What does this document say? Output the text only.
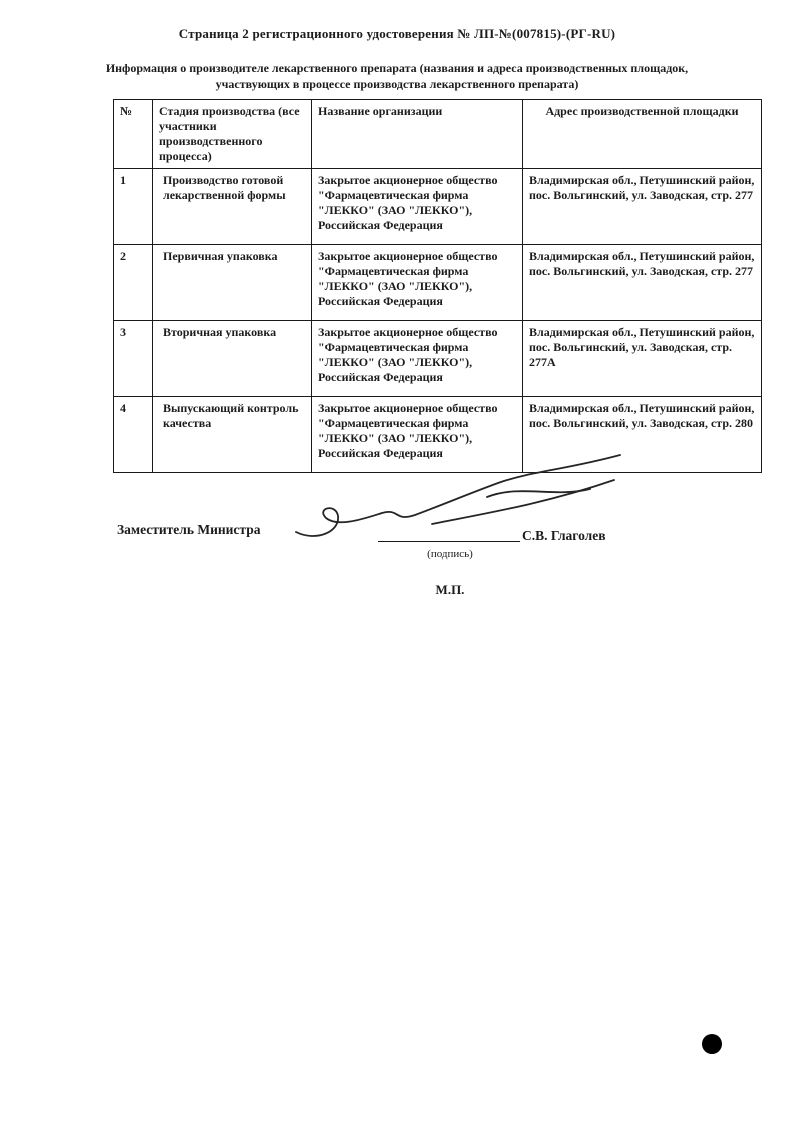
Страница 2 регистрационного удостоверения № ЛП-№(007815)-(РГ-RU)
Информация о производителе лекарственного препарата (названия и адреса производственных площадок, участвующих в процессе производства лекарственного препарата)
№	Стадия производства (все участники производственного процесса)	Название организации	Адрес производственной площадки
1	Производство готовой лекарственной формы	Закрытое акционерное общество "Фармацевтическая фирма "ЛЕККО" (ЗАО "ЛЕККО"), Российская Федерация	Владимирская обл., Петушинский район, пос. Вольгинский, ул. Заводская, стр. 277
2	Первичная упаковка	Закрытое акционерное общество "Фармацевтическая фирма "ЛЕККО" (ЗАО "ЛЕККО"), Российская Федерация	Владимирская обл., Петушинский район, пос. Вольгинский, ул. Заводская, стр. 277
3	Вторичная упаковка	Закрытое акционерное общество "Фармацевтическая фирма "ЛЕККО" (ЗАО "ЛЕККО"), Российская Федерация	Владимирская обл., Петушинский район, пос. Вольгинский, ул. Заводская, стр. 277А
4	Выпускающий контроль качества	Закрытое акционерное общество "Фармацевтическая фирма "ЛЕККО" (ЗАО "ЛЕККО"), Российская Федерация	Владимирская обл., Петушинский район, пос. Вольгинский, ул. Заводская, стр. 280
Заместитель Министра	С.В. Глаголев
(подпись)
М.П.
